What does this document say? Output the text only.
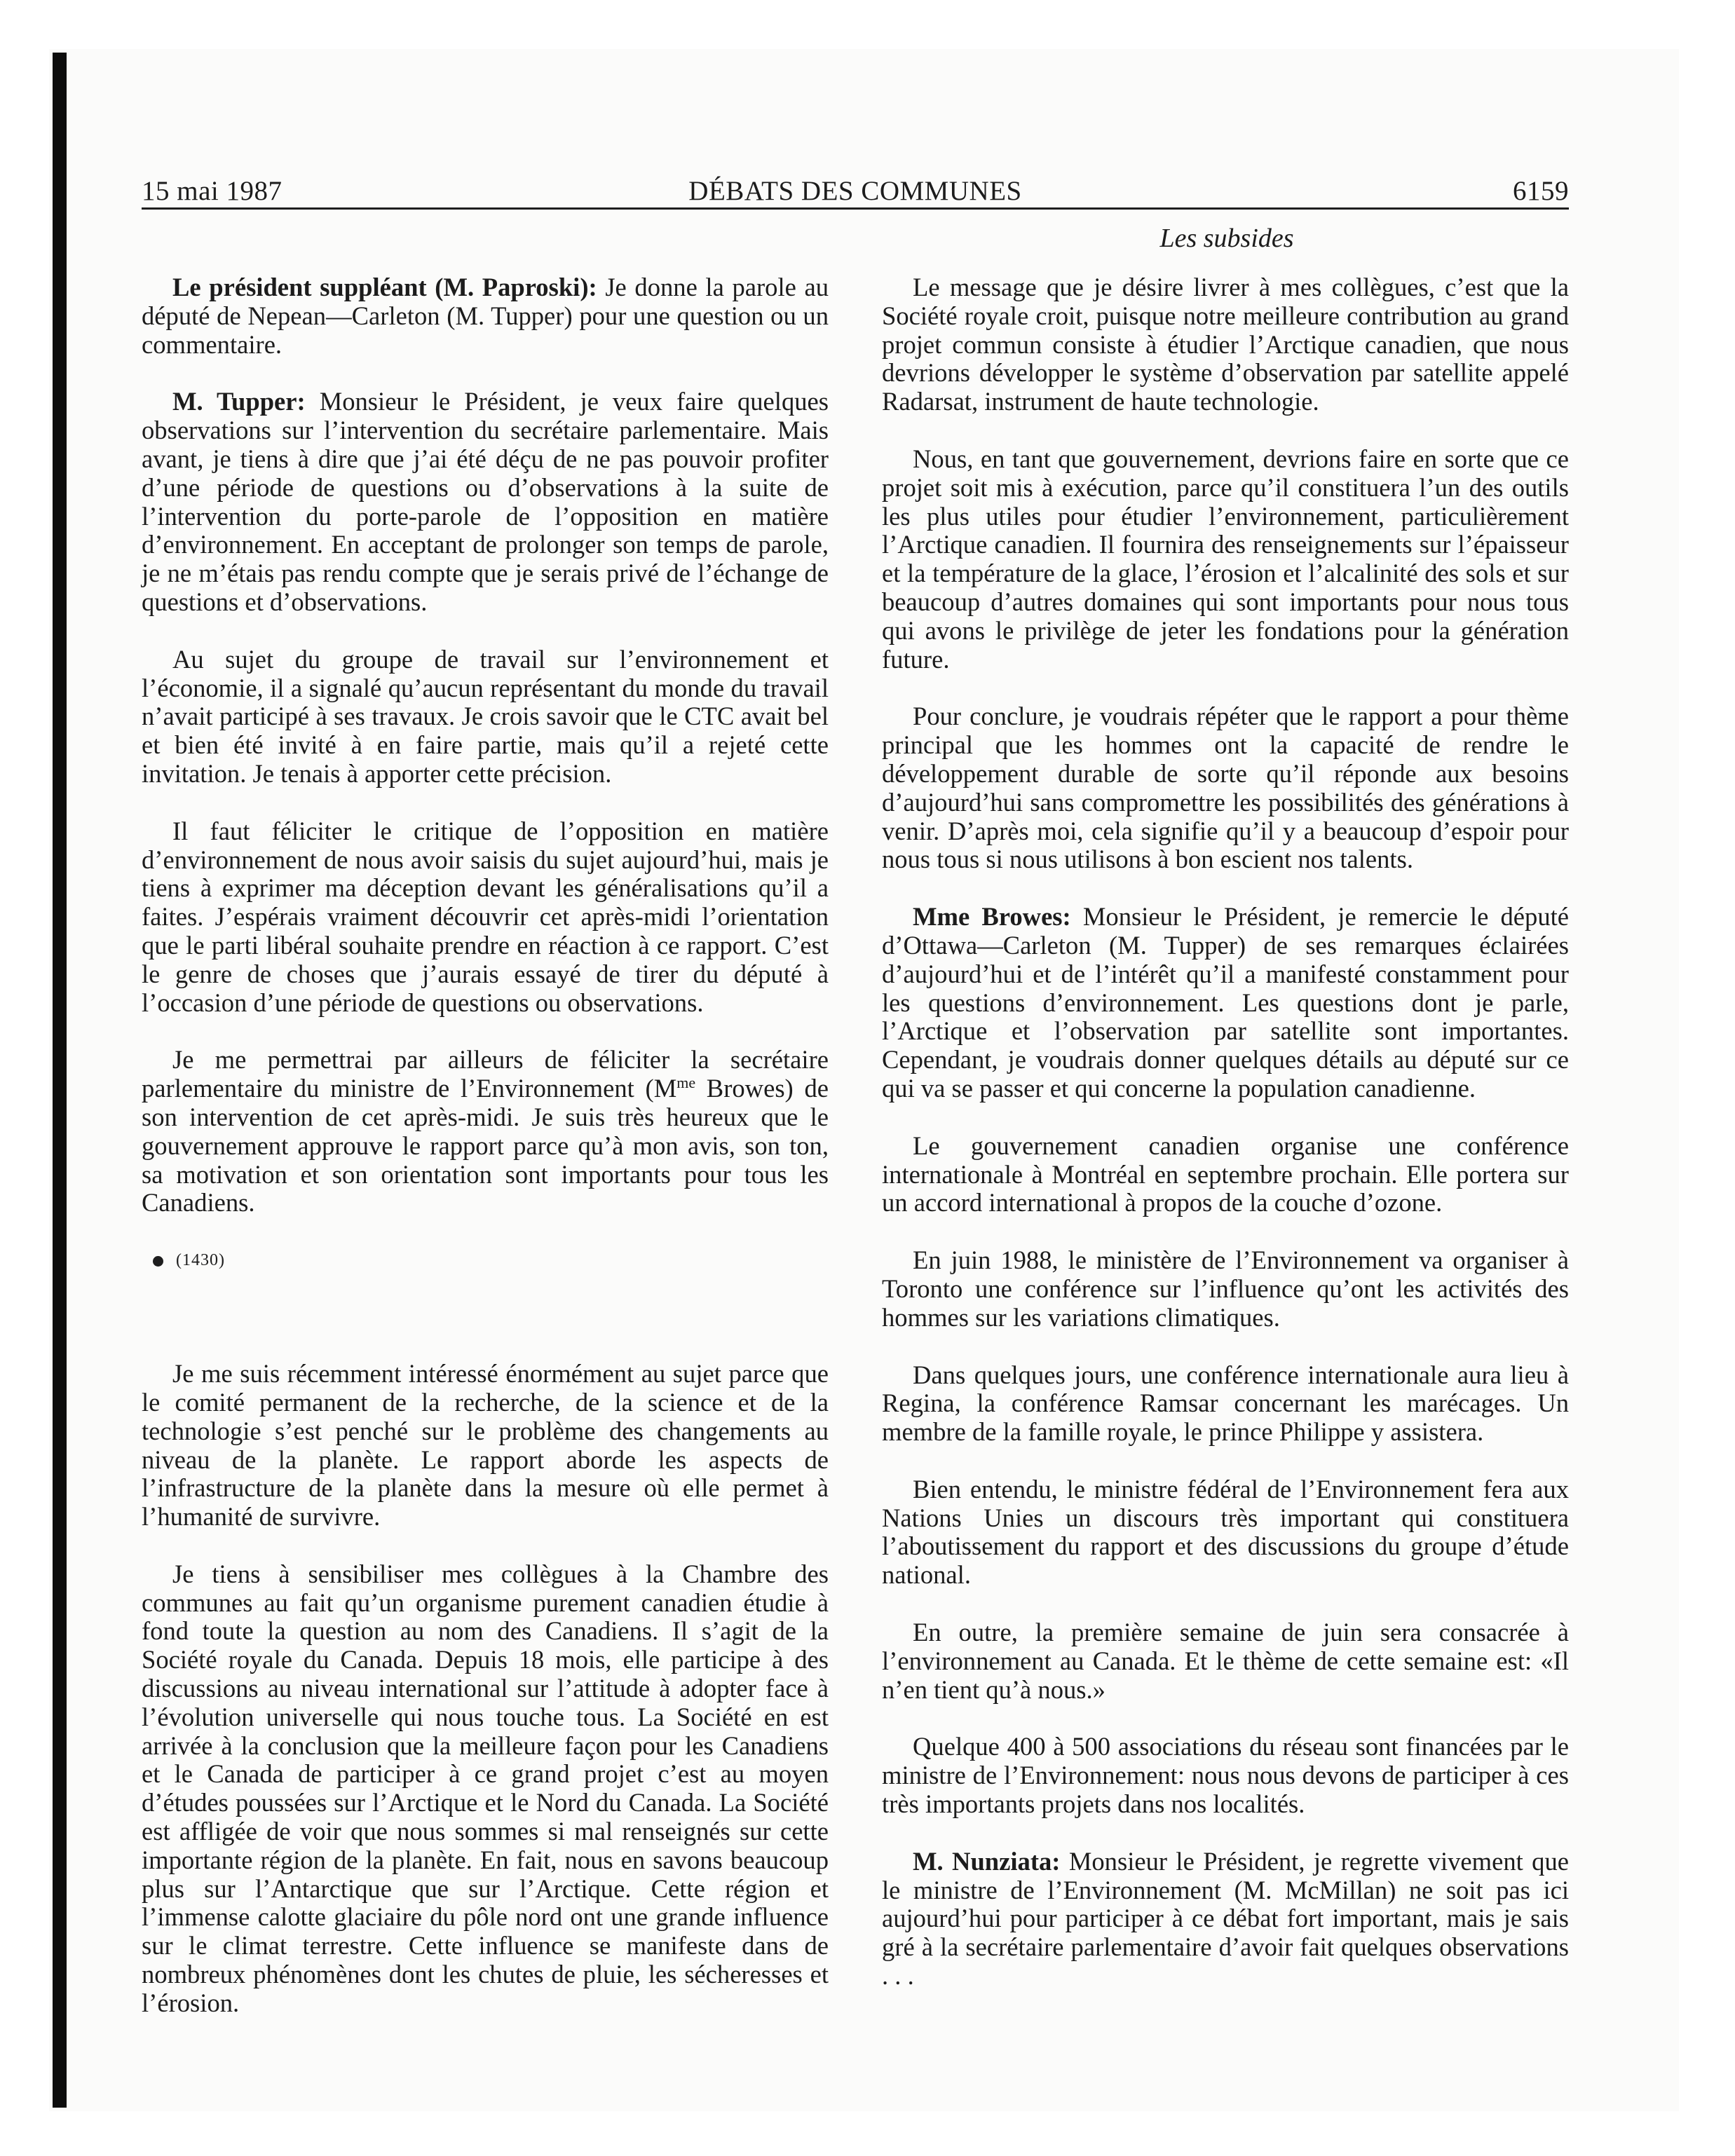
15 mai 1987	DÉBATS DES COMMUNES	6159
Les subsides

Le président suppléant (M. Paproski): Je donne la parole au député de Nepean—Carleton (M. Tupper) pour une question ou un commentaire.

M. Tupper: Monsieur le Président, je veux faire quelques observations sur l’intervention du secrétaire parlementaire. Mais avant, je tiens à dire que j’ai été déçu de ne pas pouvoir profiter d’une période de questions ou d’observations à la suite de l’intervention du porte-parole de l’opposition en matière d’environnement. En acceptant de prolonger son temps de parole, je ne m’étais pas rendu compte que je serais privé de l’échange de questions et d’observations.

Au sujet du groupe de travail sur l’environnement et l’économie, il a signalé qu’aucun représentant du monde du travail n’avait participé à ses travaux. Je crois savoir que le CTC avait bel et bien été invité à en faire partie, mais qu’il a rejeté cette invitation. Je tenais à apporter cette précision.

Il faut féliciter le critique de l’opposition en matière d’environnement de nous avoir saisis du sujet aujourd’hui, mais je tiens à exprimer ma déception devant les généralisations qu’il a faites. J’espérais vraiment découvrir cet après-midi l’orientation que le parti libéral souhaite prendre en réaction à ce rapport. C’est le genre de choses que j’aurais essayé de tirer du député à l’occasion d’une période de questions ou observations.

Je me permettrai par ailleurs de féliciter la secrétaire parlementaire du ministre de l’Environnement ($M^{me}$ Browes) de son intervention de cet après-midi. Je suis très heureux que le gouvernement approuve le rapport parce qu’à mon avis, son ton, sa motivation et son orientation sont importants pour tous les Canadiens.

(1430)

Je me suis récemment intéressé énormément au sujet parce que le comité permanent de la recherche, de la science et de la technologie s’est penché sur le problème des changements au niveau de la planète. Le rapport aborde les aspects de l’infrastructure de la planète dans la mesure où elle permet à l’humanité de survivre.

Je tiens à sensibiliser mes collègues à la Chambre des communes au fait qu’un organisme purement canadien étudie à fond toute la question au nom des Canadiens. Il s’agit de la Société royale du Canada. Depuis 18 mois, elle participe à des discussions au niveau international sur l’attitude à adopter face à l’évolution universelle qui nous touche tous. La Société en est arrivée à la conclusion que la meilleure façon pour les Canadiens et le Canada de participer à ce grand projet c’est au moyen d’études poussées sur l’Arctique et le Nord du Canada. La Société est affligée de voir que nous sommes si mal renseignés sur cette importante région de la planète. En fait, nous en savons beaucoup plus sur l’Antarctique que sur l’Arctique. Cette région et l’immense calotte glaciaire du pôle nord ont une grande influence sur le climat terrestre. Cette influence se manifeste dans de nombreux phénomènes dont les chutes de pluie, les sécheresses et l’érosion.

Le message que je désire livrer à mes collègues, c’est que la Société royale croit, puisque notre meilleure contribution au grand projet commun consiste à étudier l’Arctique canadien, que nous devrions développer le système d’observation par satellite appelé Radarsat, instrument de haute technologie.

Nous, en tant que gouvernement, devrions faire en sorte que ce projet soit mis à exécution, parce qu’il constituera l’un des outils les plus utiles pour étudier l’environnement, particulièrement l’Arctique canadien. Il fournira des renseignements sur l’épaisseur et la température de la glace, l’érosion et l’alcalinité des sols et sur beaucoup d’autres domaines qui sont importants pour nous tous qui avons le privilège de jeter les fondations pour la génération future.

Pour conclure, je voudrais répéter que le rapport a pour thème principal que les hommes ont la capacité de rendre le développement durable de sorte qu’il réponde aux besoins d’aujourd’hui sans compromettre les possibilités des générations à venir. D’après moi, cela signifie qu’il y a beaucoup d’espoir pour nous tous si nous utilisons à bon escient nos talents.

Mme Browes: Monsieur le Président, je remercie le député d’Ottawa—Carleton (M. Tupper) de ses remarques éclairées d’aujourd’hui et de l’intérêt qu’il a manifesté constamment pour les questions d’environnement. Les questions dont je parle, l’Arctique et l’observation par satellite sont importantes. Cependant, je voudrais donner quelques détails au député sur ce qui va se passer et qui concerne la population canadienne.

Le gouvernement canadien organise une conférence internationale à Montréal en septembre prochain. Elle portera sur un accord international à propos de la couche d’ozone.

En juin 1988, le ministère de l’Environnement va organiser à Toronto une conférence sur l’influence qu’ont les activités des hommes sur les variations climatiques.

Dans quelques jours, une conférence internationale aura lieu à Regina, la conférence Ramsar concernant les marécages. Un membre de la famille royale, le prince Philippe y assistera.

Bien entendu, le ministre fédéral de l’Environnement fera aux Nations Unies un discours très important qui constituera l’aboutissement du rapport et des discussions du groupe d’étude national.

En outre, la première semaine de juin sera consacrée à l’environnement au Canada. Et le thème de cette semaine est: «Il n’en tient qu’à nous.»

Quelque 400 à 500 associations du réseau sont financées par le ministre de l’Environnement: nous nous devons de participer à ces très importants projets dans nos localités.

M. Nunziata: Monsieur le Président, je regrette vivement que le ministre de l’Environnement (M. McMillan) ne soit pas ici aujourd’hui pour participer à ce débat fort important, mais je sais gré à la secrétaire parlementaire d’avoir fait quelques observations . . .
